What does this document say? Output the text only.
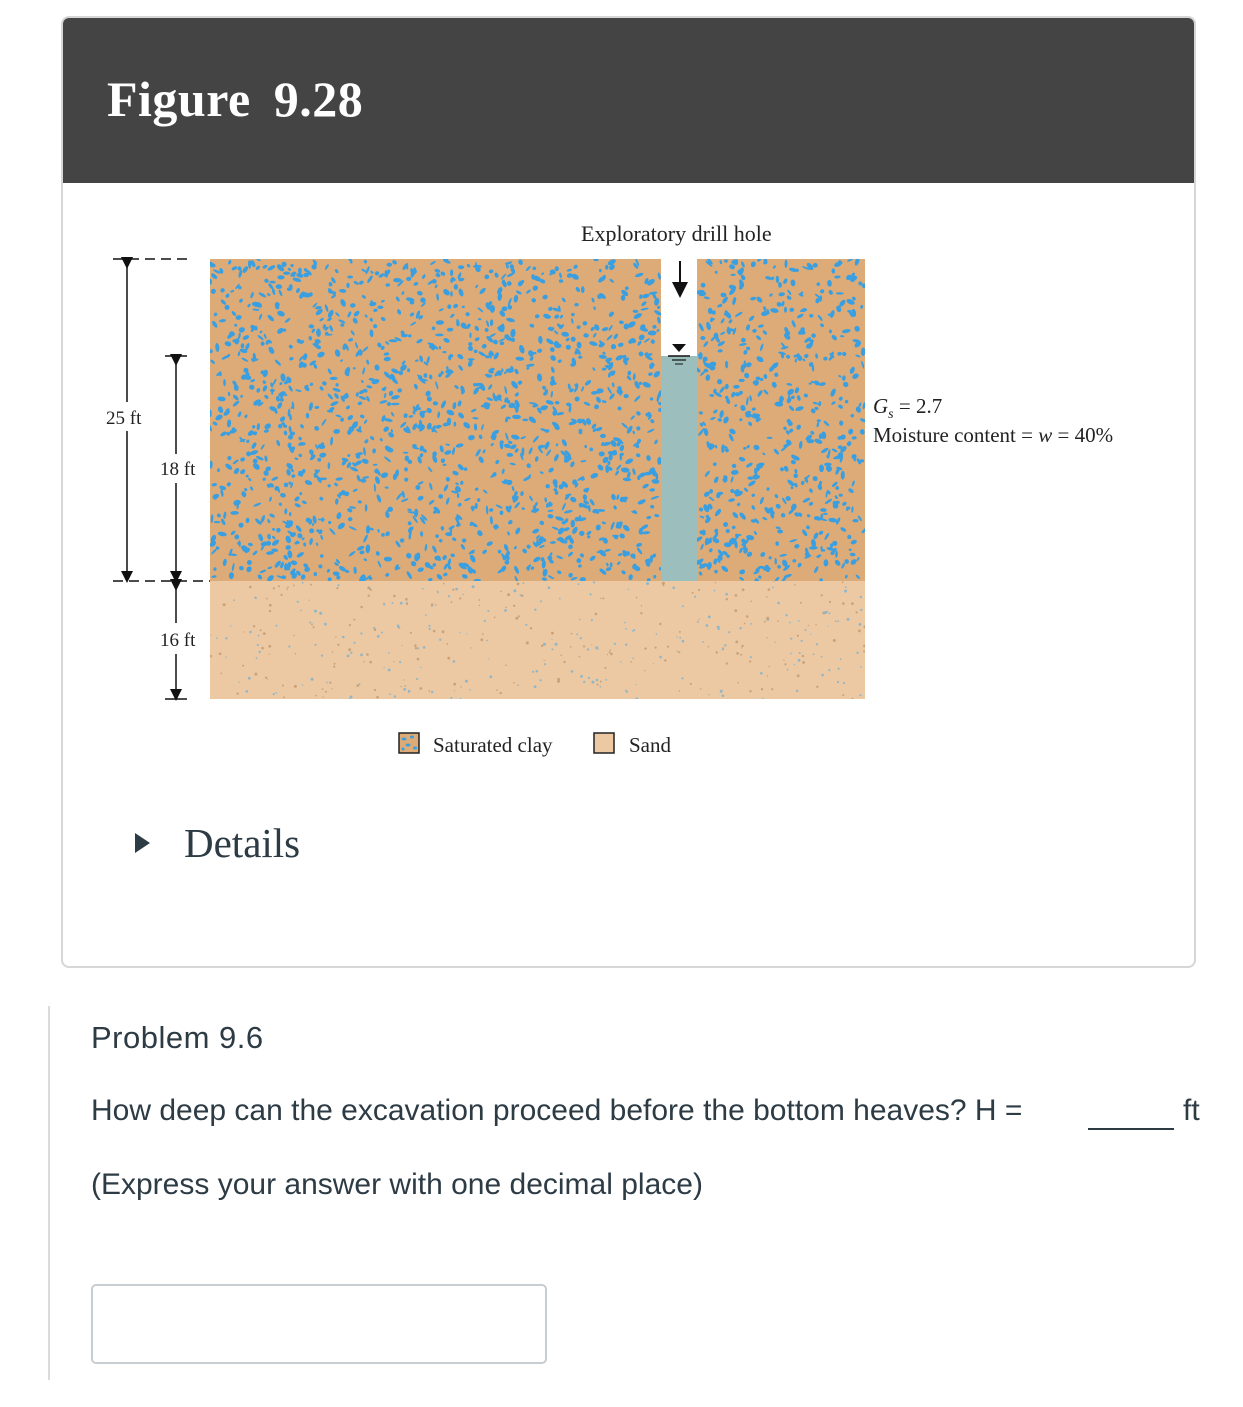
Figure 9.28
Exploratory drill hole
$G_s = 2.7$
Moisture content = w = 40%
25 ft
18 ft
16 ft
Saturated clay	Sand
Details
Problem 9.6
How deep can the excavation proceed before the bottom heaves? H =	ft
(Express your answer with one decimal place)
